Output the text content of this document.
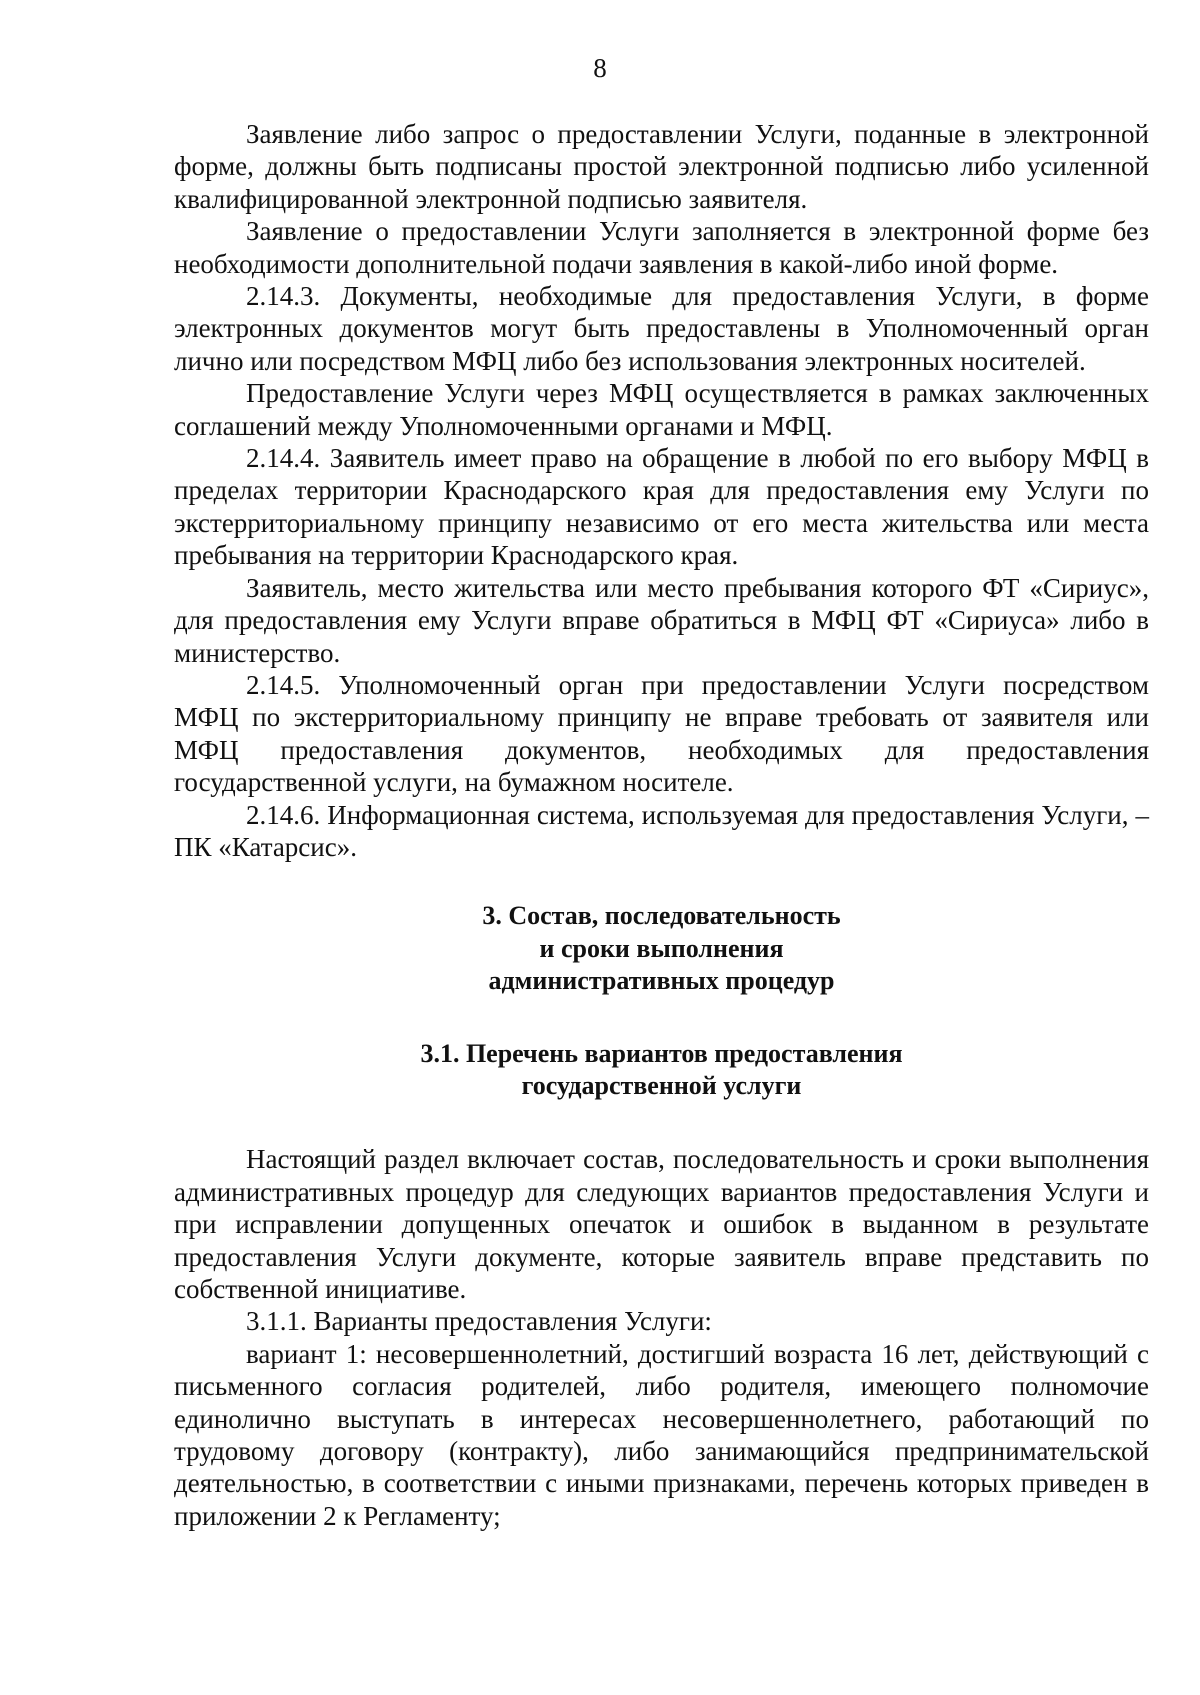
8

Заявление либо запрос о предоставлении Услуги, поданные в электронной форме, должны быть подписаны простой электронной подписью либо усиленной квалифицированной электронной подписью заявителя.

Заявление о предоставлении Услуги заполняется в электронной форме без необходимости дополнительной подачи заявления в какой-либо иной форме.

2.14.3. Документы, необходимые для предоставления Услуги, в форме электронных документов могут быть предоставлены в Уполномоченный орган лично или посредством МФЦ либо без использования электронных носителей.

Предоставление Услуги через МФЦ осуществляется в рамках заключенных соглашений между Уполномоченными органами и МФЦ.

2.14.4. Заявитель имеет право на обращение в любой по его выбору МФЦ в пределах территории Краснодарского края для предоставления ему Услуги по экстерриториальному принципу независимо от его места жительства или места пребывания на территории Краснодарского края.

Заявитель, место жительства или место пребывания которого ФТ «Сириус», для предоставления ему Услуги вправе обратиться в МФЦ ФТ «Сириуса» либо в министерство.

2.14.5. Уполномоченный орган при предоставлении Услуги посредством МФЦ по экстерриториальному принципу не вправе требовать от заявителя или МФЦ предоставления документов, необходимых для предоставления государственной услуги, на бумажном носителе.

2.14.6. Информационная система, используемая для предоставления Услуги, – ПК «Катарсис».

3. Состав, последовательность
и сроки выполнения
административных процедур
3.1. Перечень вариантов предоставления
государственной услуги

Настоящий раздел включает состав, последовательность и сроки выполнения административных процедур для следующих вариантов предоставления Услуги и при исправлении допущенных опечаток и ошибок в выданном в результате предоставления Услуги документе, которые заявитель вправе представить по собственной инициативе.

3.1.1. Варианты предоставления Услуги:

вариант 1: несовершеннолетний, достигший возраста 16 лет, действующий с письменного согласия родителей, либо родителя, имеющего полномочие единолично выступать в интересах несовершеннолетнего, работающий по трудовому договору (контракту), либо занимающийся предпринимательской деятельностью, в соответствии с иными признаками, перечень которых приведен в приложении 2 к Регламенту;
